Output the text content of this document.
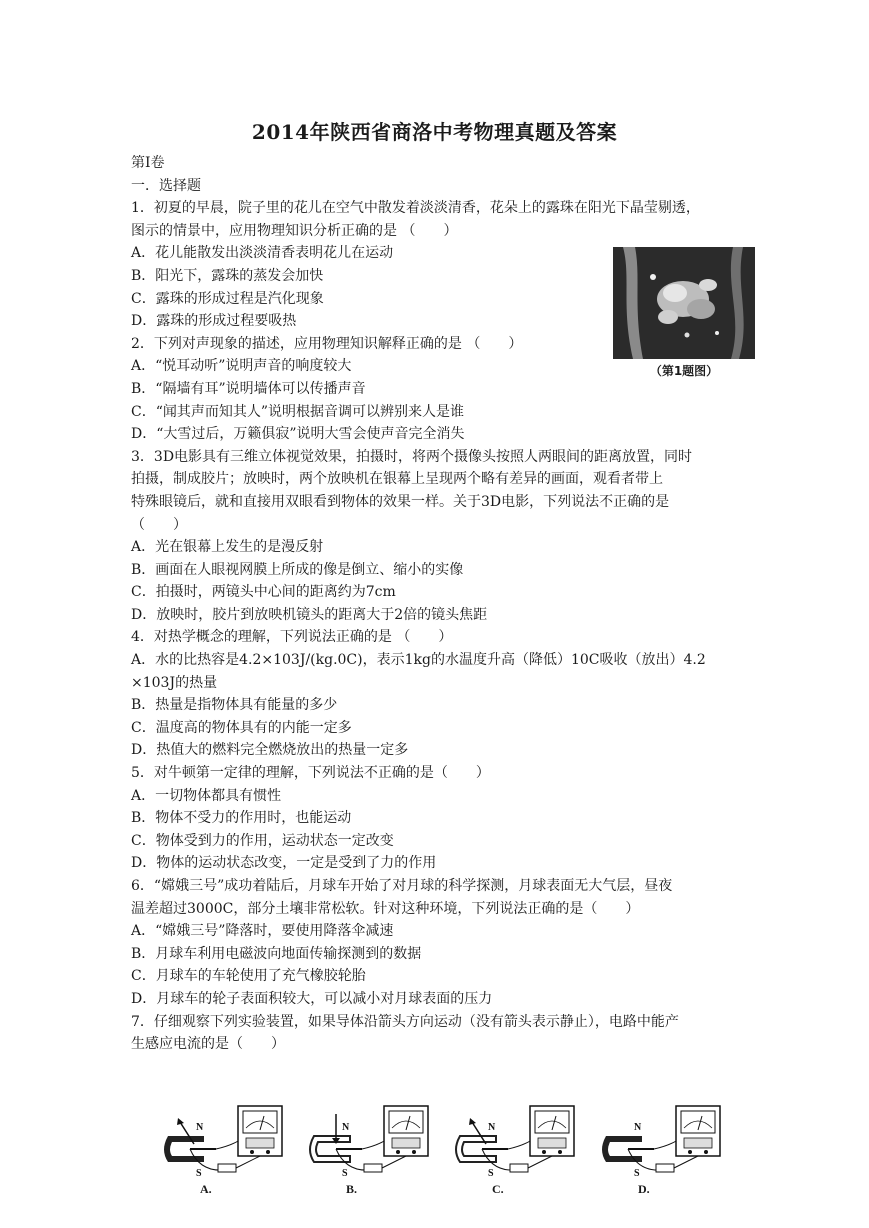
2014年陕西省商洛中考物理真题及答案
第Ⅰ卷
一．选择题
1．初夏的早晨，院子里的花儿在空气中散发着淡淡清香，花朵上的露珠在阳光下晶莹剔透，
图示的情景中，应用物理知识分析正确的是 （　　）
A．花儿能散发出淡淡清香表明花儿在运动
B．阳光下，露珠的蒸发会加快
C．露珠的形成过程是汽化现象
D．露珠的形成过程要吸热
2．下列对声现象的描述，应用物理知识解释正确的是 （　　）
A．“悦耳动听”说明声音的响度较大
B．“隔墙有耳”说明墙体可以传播声音
C．“闻其声而知其人”说明根据音调可以辨别来人是谁
D．“大雪过后，万籁俱寂”说明大雪会使声音完全消失
3．3D电影具有三维立体视觉效果，拍摄时，将两个摄像头按照人两眼间的距离放置，同时
拍摄，制成胶片；放映时，两个放映机在银幕上呈现两个略有差异的画面，观看者带上
特殊眼镜后，就和直接用双眼看到物体的效果一样。关于3D电影，下列说法不正确的是
（　　）
A．光在银幕上发生的是漫反射
B．画面在人眼视网膜上所成的像是倒立、缩小的实像
C．拍摄时，两镜头中心间的距离约为7cm
D．放映时，胶片到放映机镜头的距离大于2倍的镜头焦距
4．对热学概念的理解，下列说法正确的是 （　　）
A．水的比热容是4.2×103J/(kg.0C)，表示1kg的水温度升高（降低）10C吸收（放出）4.2
×103J的热量
B．热量是指物体具有能量的多少
C．温度高的物体具有的内能一定多
D．热值大的燃料完全燃烧放出的热量一定多
5．对牛顿第一定律的理解，下列说法不正确的是（　　）
A．一切物体都具有惯性
B．物体不受力的作用时，也能运动
C．物体受到力的作用，运动状态一定改变
D．物体的运动状态改变，一定是受到了力的作用
6．“嫦娥三号”成功着陆后，月球车开始了对月球的科学探测，月球表面无大气层，昼夜
温差超过3000C，部分土壤非常松软。针对这种环境，下列说法正确的是（　　）
A．“嫦娥三号”降落时，要使用降落伞减速
B．月球车利用电磁波向地面传输探测到的数据
C．月球车的车轮使用了充气橡胶轮胎
D．月球车的轮子表面积较大，可以减小对月球表面的压力
7．仔细观察下列实验装置，如果导体沿箭头方向运动（没有箭头表示静止），电路中能产
生感应电流的是（　　）
（第1题图）
N
S
A.
N
S
B.
N
S
C.
N
S
D.
